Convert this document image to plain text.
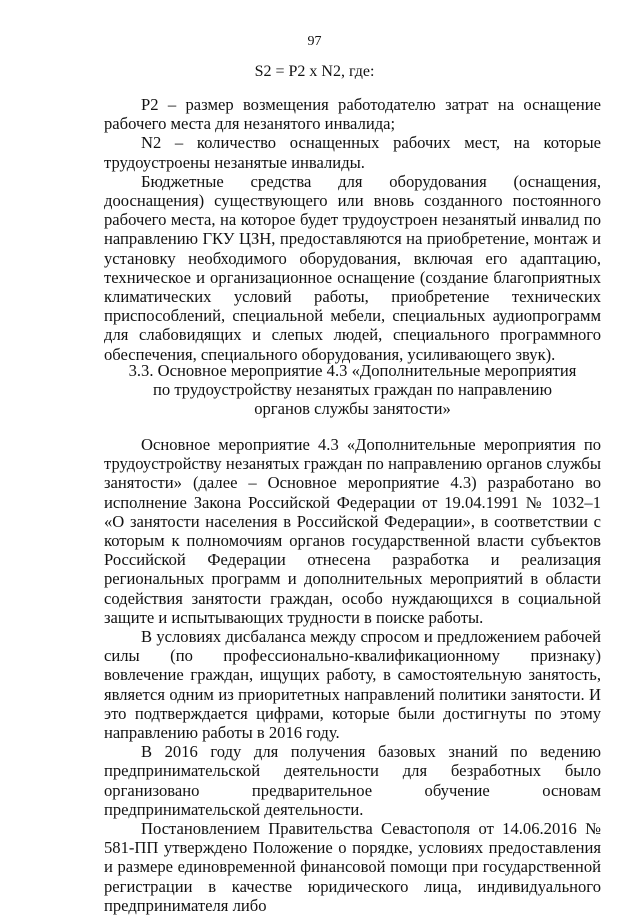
97
S2 = P2 x N2, где:

P2 – размер возмещения работодателю затрат на оснащение рабочего места для незанятого инвалида;

N2 – количество оснащенных рабочих мест, на которые трудоустроены незанятые инвалиды.

Бюджетные средства для оборудования (оснащения, дооснащения) существующего или вновь созданного постоянного рабочего места, на которое будет трудоустроен незанятый инвалид по направлению ГКУ ЦЗН, предоставляются на приобретение, монтаж и установку необходимого оборудования, включая его адаптацию, техническое и организационное оснащение (создание благоприятных климатических условий работы, приобретение технических приспособлений, специальной мебели, специальных аудиопрограмм для слабовидящих и слепых людей, специального программного обеспечения, специального оборудования, усиливающего звук).

3.3. Основное мероприятие 4.3 «Дополнительные мероприятия
по трудоустройству незанятых граждан по направлению
органов службы занятости»

Основное мероприятие 4.3 «Дополнительные мероприятия по трудоустройству незанятых граждан по направлению органов службы занятости» (далее – Основное мероприятие 4.3) разработано во исполнение Закона Российской Федерации от 19.04.1991 № 1032–1 «О занятости населения в Российской Федерации», в соответствии с которым к полномочиям органов государственной власти субъектов Российской Федерации отнесена разработка и реализация региональных программ и дополнительных мероприятий в области содействия занятости граждан, особо нуждающихся в социальной защите и испытывающих трудности в поиске работы.

В условиях дисбаланса между спросом и предложением рабочей силы (по профессионально-квалификационному признаку) вовлечение граждан, ищущих работу, в самостоятельную занятость, является одним из приоритетных направлений политики занятости. И это подтверждается цифрами, которые были достигнуты по этому направлению работы в 2016 году.

В 2016 году для получения базовых знаний по ведению предпринимательской деятельности для безработных было организовано предварительное обучение основам предпринимательской деятельности.

Постановлением Правительства Севастополя от 14.06.2016 № 581-ПП утверждено Положение о порядке, условиях предоставления и размере единовременной финансовой помощи при государственной регистрации в качестве юридического лица, индивидуального предпринимателя либо
